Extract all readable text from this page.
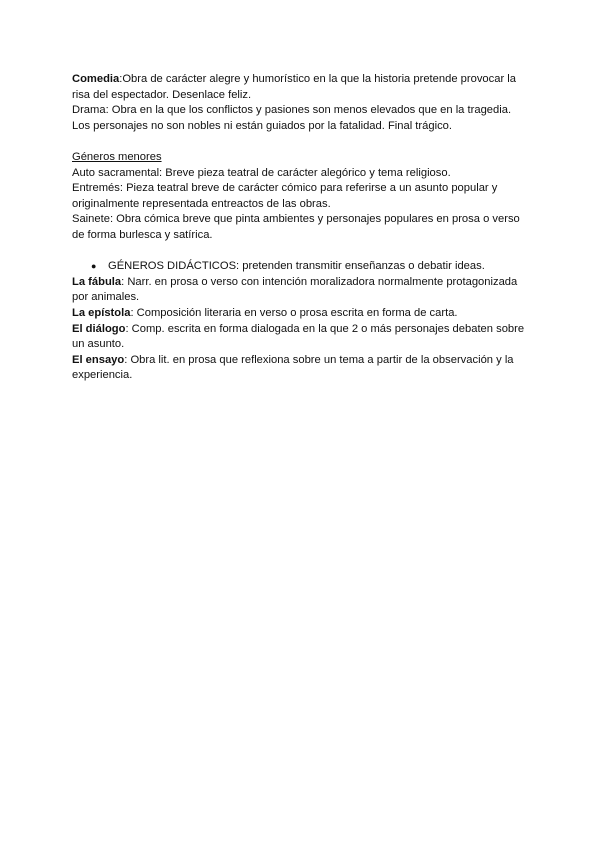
Comedia:Obra de carácter alegre y humorístico en la que la historia pretende provocar la
risa del espectador. Desenlace feliz.
Drama: Obra en la que los conflictos y pasiones son menos elevados que en la tragedia.
Los personajes no son nobles ni están guiados por la fatalidad. Final trágico.
Géneros menores
Auto sacramental: Breve pieza teatral de carácter alegórico y tema religioso.
Entremés: Pieza teatral breve de carácter cómico para referirse a un asunto popular y
originalmente representada entreactos de las obras.
Sainete: Obra cómica breve que pinta ambientes y personajes populares en prosa o verso
de forma burlesca y satírica.
● GÉNEROS DIDÁCTICOS: pretenden transmitir enseñanzas o debatir ideas.
La fábula: Narr. en prosa o verso con intención moralizadora normalmente protagonizada
por animales.
La epístola: Composición literaria en verso o prosa escrita en forma de carta.
El diálogo: Comp. escrita en forma dialogada en la que 2 o más personajes debaten sobre
un asunto.
El ensayo: Obra lit. en prosa que reflexiona sobre un tema a partir de la observación y la
experiencia.
